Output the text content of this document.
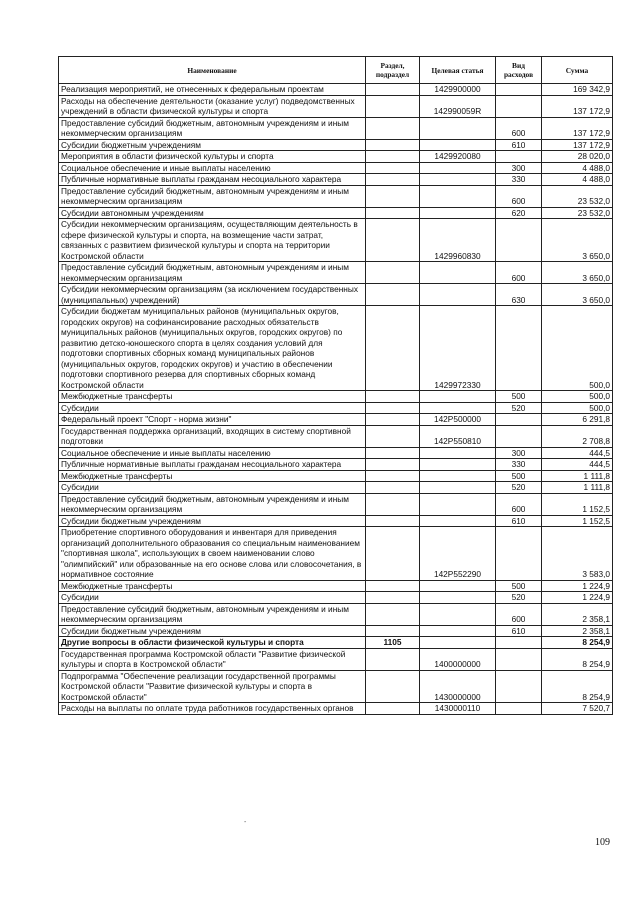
Наименование	Раздел, подраздел	Целевая статья	Вид расходов	Сумма
Реализация мероприятий, не отнесенных к федеральным проектам		1429900000		169 342,9
Расходы на обеспечение деятельности (оказание услуг) подведомственных учреждений в области физической культуры и спорта		142990059R		137 172,9
Предоставление субсидий бюджетным, автономным учреждениям и иным некоммерческим организациям			600	137 172,9
Субсидии бюджетным учреждениям			610	137 172,9
Мероприятия в области физической культуры и спорта		1429920080		28 020,0
Социальное обеспечение и иные выплаты населению			300	4 488,0
Публичные нормативные выплаты гражданам несоциального характера			330	4 488,0
Предоставление субсидий бюджетным, автономным учреждениям и иным некоммерческим организациям			600	23 532,0
Субсидии автономным учреждениям			620	23 532,0
Субсидии некоммерческим организациям, осуществляющим деятельность в сфере физической культуры и спорта, на возмещение части затрат, связанных с развитием физической культуры и спорта на территории Костромской области		1429960830		3 650,0
Предоставление субсидий бюджетным, автономным учреждениям и иным некоммерческим организациям			600	3 650,0
Субсидии некоммерческим организациям (за исключением государственных (муниципальных) учреждений)			630	3 650,0
Субсидии бюджетам муниципальных районов (муниципальных округов, городских округов) на софинансирование расходных обязательств муниципальных районов (муниципальных округов, городских округов) по развитию детско-юношеского спорта в целях создания условий для подготовки спортивных сборных команд муниципальных районов (муниципальных округов, городских округов) и участию в обеспечении подготовки спортивного резерва для спортивных сборных команд Костромской области		1429972330		500,0
Межбюджетные трансферты			500	500,0
Субсидии			520	500,0
Федеральный проект "Спорт - норма жизни"		142P500000		6 291,8
Государственная поддержка организаций, входящих в систему спортивной подготовки		142P550810		2 708,8
Социальное обеспечение и иные выплаты населению			300	444,5
Публичные нормативные выплаты гражданам несоциального характера			330	444,5
Межбюджетные трансферты			500	1 111,8
Субсидии			520	1 111,8
Предоставление субсидий бюджетным, автономным учреждениям и иным некоммерческим организациям			600	1 152,5
Субсидии бюджетным учреждениям			610	1 152,5
Приобретение спортивного оборудования и инвентаря для приведения организаций дополнительного образования со специальным наименованием "спортивная школа", использующих в своем наименовании слово "олимпийский" или образованные на его основе слова или словосочетания, в нормативное состояние		142P552290		3 583,0
Межбюджетные трансферты			500	1 224,9
Субсидии			520	1 224,9
Предоставление субсидий бюджетным, автономным учреждениям и иным некоммерческим организациям			600	2 358,1
Субсидии бюджетным учреждениям			610	2 358,1
Другие вопросы в области физической культуры и спорта	1105			8 254,9
Государственная программа Костромской области "Развитие физической культуры и спорта в Костромской области"		1400000000		8 254,9
Подпрограмма "Обеспечение реализации государственной программы Костромской области "Развитие физической культуры и спорта в Костромской области"		1430000000		8 254,9
Расходы на выплаты по оплате труда работников государственных органов		1430000110		7 520,7
-
109
